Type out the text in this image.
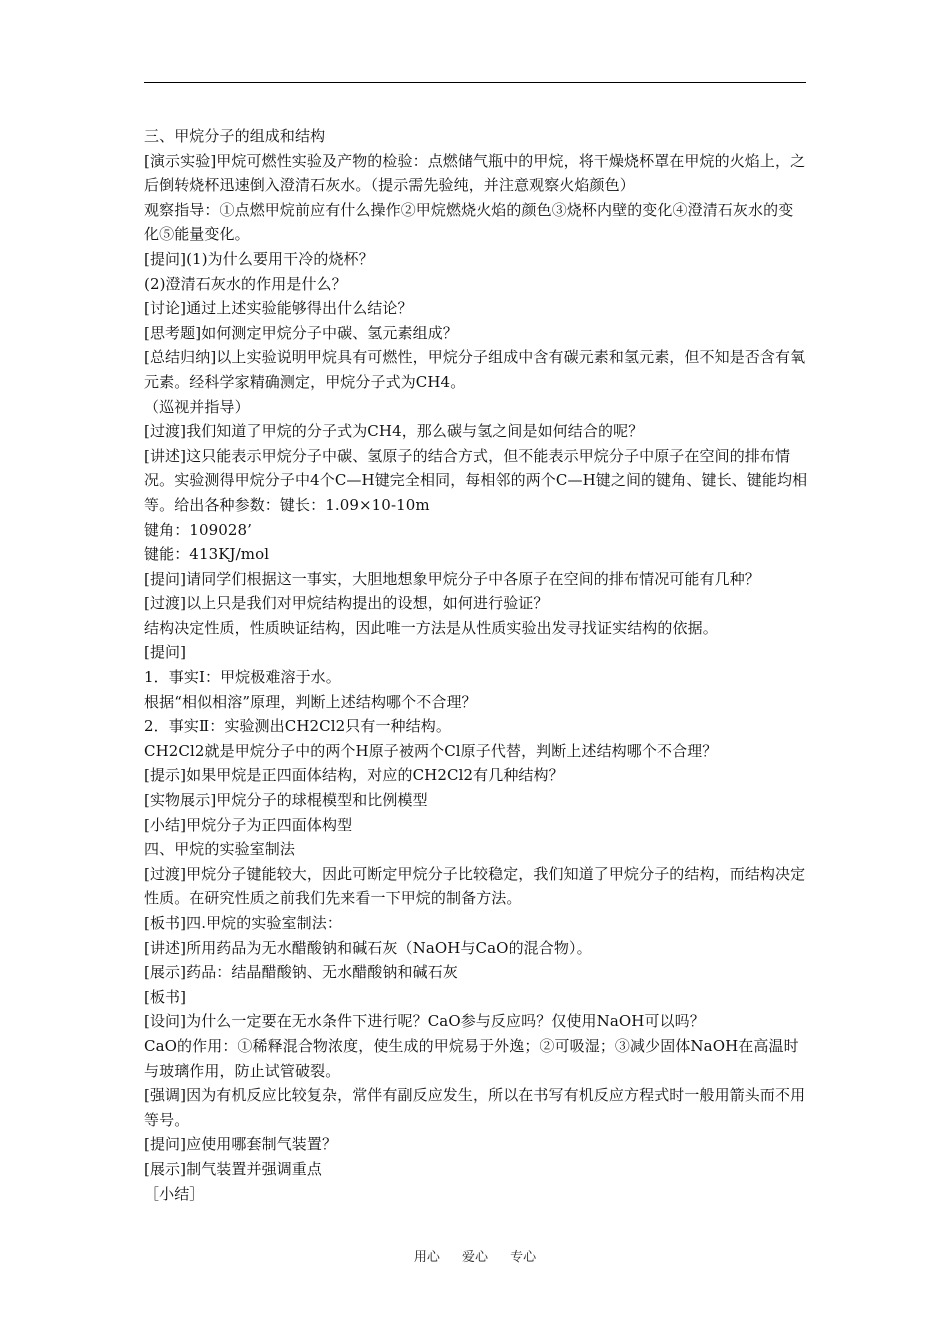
三、甲烷分子的组成和结构
[演示实验]甲烷可燃性实验及产物的检验：点燃储气瓶中的甲烷，将干燥烧杯罩在甲烷的火焰上，之后倒转烧杯迅速倒入澄清石灰水。（提示需先验纯，并注意观察火焰颜色）
观察指导：①点燃甲烷前应有什么操作②甲烷燃烧火焰的颜色③烧杯内壁的变化④澄清石灰水的变化⑤能量变化。
[提问](1)为什么要用干冷的烧杯？
(2)澄清石灰水的作用是什么？
[讨论]通过上述实验能够得出什么结论？
[思考题]如何测定甲烷分子中碳、氢元素组成？
[总结归纳]以上实验说明甲烷具有可燃性，甲烷分子组成中含有碳元素和氢元素，但不知是否含有氧元素。经科学家精确测定，甲烷分子式为CH4。
（巡视并指导）
[过渡]我们知道了甲烷的分子式为CH4，那么碳与氢之间是如何结合的呢？
[讲述]这只能表示甲烷分子中碳、氢原子的结合方式，但不能表示甲烷分子中原子在空间的排布情况。实验测得甲烷分子中4个C—H键完全相同，每相邻的两个C—H键之间的键角、键长、键能均相等。给出各种参数：键长：1.09×10-10m
键角：109028’
键能：413KJ/mol
[提问]请同学们根据这一事实，大胆地想象甲烷分子中各原子在空间的排布情况可能有几种？
[过渡]以上只是我们对甲烷结构提出的设想，如何进行验证？
结构决定性质，性质映证结构，因此唯一方法是从性质实验出发寻找证实结构的依据。
[提问]
1．事实Ⅰ：甲烷极难溶于水。
根据“相似相溶”原理，判断上述结构哪个不合理？
2．事实Ⅱ：实验测出CH2Cl2只有一种结构。
CH2Cl2就是甲烷分子中的两个H原子被两个Cl原子代替，判断上述结构哪个不合理？
[提示]如果甲烷是正四面体结构，对应的CH2Cl2有几种结构？
[实物展示]甲烷分子的球棍模型和比例模型
[小结]甲烷分子为正四面体构型
四、甲烷的实验室制法
[过渡]甲烷分子键能较大，因此可断定甲烷分子比较稳定，我们知道了甲烷分子的结构，而结构决定性质。在研究性质之前我们先来看一下甲烷的制备方法。
[板书]四.甲烷的实验室制法：
[讲述]所用药品为无水醋酸钠和碱石灰（NaOH与CaO的混合物）。
[展示]药品：结晶醋酸钠、无水醋酸钠和碱石灰
[板书]
[设问]为什么一定要在无水条件下进行呢？CaO参与反应吗？仅使用NaOH可以吗？
CaO的作用：①稀释混合物浓度，使生成的甲烷易于外逸；②可吸湿；③减少固体NaOH在高温时与玻璃作用，防止试管破裂。
[强调]因为有机反应比较复杂，常伴有副反应发生，所以在书写有机反应方程式时一般用箭头而不用等号。
[提问]应使用哪套制气装置？
[展示]制气装置并强调重点
［小结］
用心 爱心 专心
